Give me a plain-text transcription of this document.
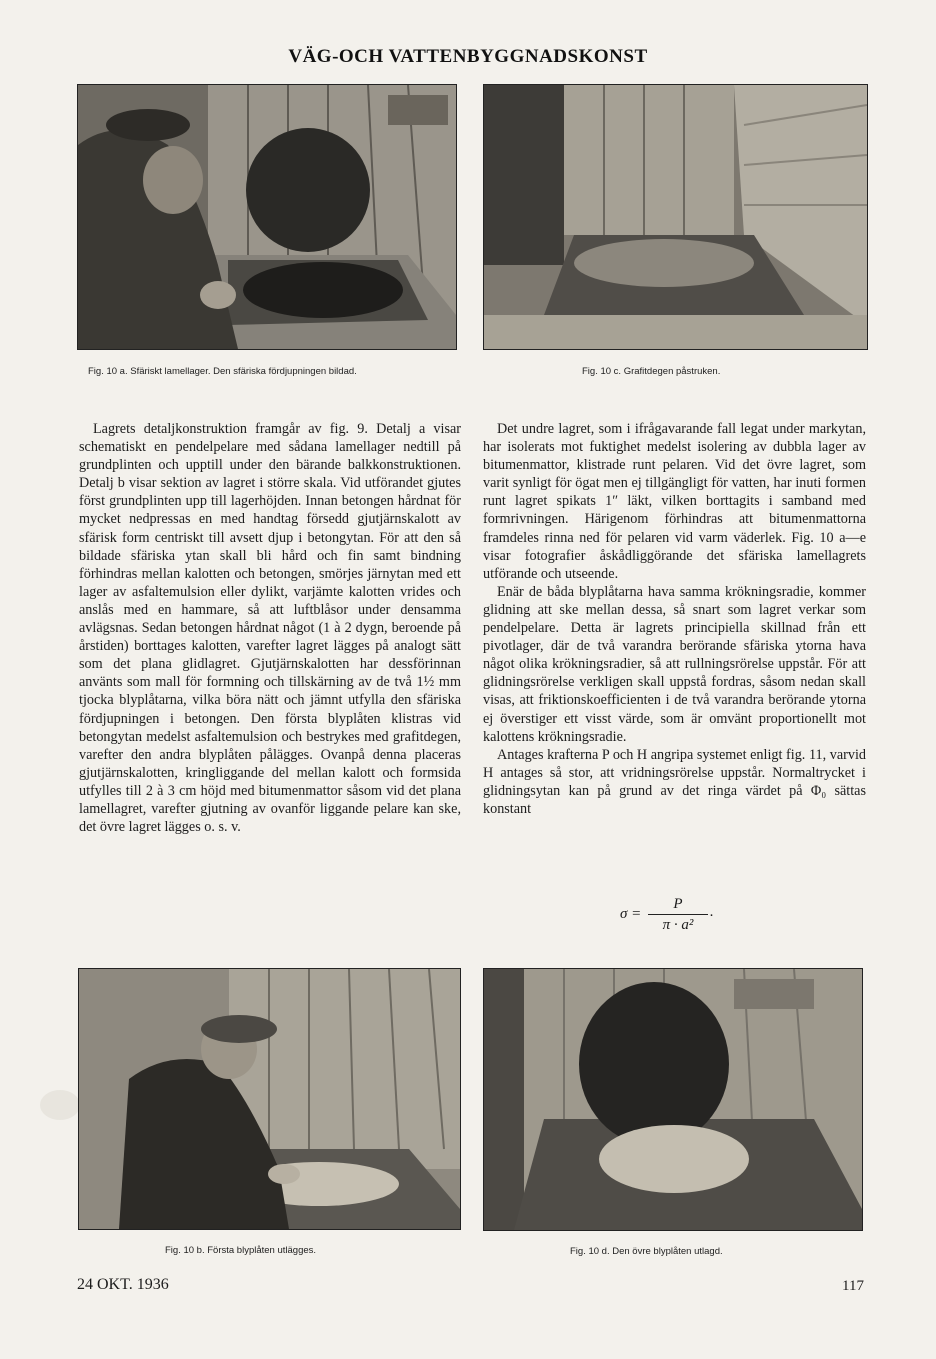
VÄG-OCH VATTENBYGGNADSKONST
Fig. 10 a. Sfäriskt lamellager. Den sfäriska fördjupningen bildad.	Fig. 10 c. Grafitdegen påstruken.

Lagrets detaljkonstruktion framgår av fig. 9. Detalj a visar schematiskt en pendelpelare med sådana lamellager nedtill på grundplinten och upptill under den bärande balkkonstruktionen. Detalj b visar sektion av lagret i större skala. Vid utförandet gjutes först grundplinten upp till lagerhöjden. Innan betongen hårdnat för mycket nedpressas en med handtag försedd gjutjärnskalott av sfärisk form centriskt till avsett djup i betongytan. För att den så bildade sfäriska ytan skall bli hård och fin samt bindning förhindras mellan kalotten och betongen, smörjes järnytan med ett lager av asfaltemulsion eller dylikt, varjämte kalotten vrides och anslås med en hammare, så att luftblåsor under densamma avlägsnas. Sedan betongen hårdnat något (1 à 2 dygn, beroende på årstiden) borttages kalotten, varefter lagret lägges på analogt sätt som det plana glidlagret. Gjutjärnskalotten har dessförinnan använts som mall för formning och tillskärning av de två 1½ mm tjocka blyplåtarna, vilka böra nätt och jämnt utfylla den sfäriska fördjupningen i betongen. Den första blyplåten klistras vid betongytan medelst asfaltemulsion och bestrykes med grafitdegen, varefter den andra blyplåten pålägges. Ovanpå denna placeras gjutjärnskalotten, kringliggande del mellan kalott och formsida utfylles till 2 à 3 cm höjd med bitumenmattor såsom vid det plana lamellagret, varefter gjutning av ovanför liggande pelare kan ske, det övre lagret lägges o. s. v.

Det undre lagret, som i ifrågavarande fall legat under markytan, har isolerats mot fuktighet medelst isolering av dubbla lager av bitumenmattor, klistrade runt pelaren. Vid det övre lagret, som varit synligt för ögat men ej tillgängligt för vatten, har inuti formen runt lagret spikats 1″ läkt, vilken borttagits i samband med formrivningen. Härigenom förhindras att bitumenmattorna framdeles rinna ned för pelaren vid varm väderlek. Fig. 10 a—e visar fotografier åskådliggörande det sfäriska lamellagrets utförande och utseende.

Enär de båda blyplåtarna hava samma krökningsradie, kommer glidning att ske mellan dessa, så snart som lagret verkar som pendelpelare. Detta är lagrets principiella skillnad från ett pivotlager, där de två varandra berörande sfäriska ytorna hava något olika krökningsradier, så att rullningsrörelse uppstår. För att glidningsrörelse verkligen skall uppstå fordras, såsom nedan skall visas, att friktionskoefficienten i de två varandra berörande ytorna ej överstiger ett visst värde, som är omvänt proportionellt mot kalottens krökningsradie.

Antages krafterna P och H angripa systemet enligt fig. 11, varvid H antages så stor, att vridningsrörelse uppstår. Normaltrycket i glidningsytan kan på grund av det ringa värdet på Φ₀ sättas konstant

$\sigma = \frac{P}{\text{π · a²}}$ .
Fig. 10 b. Första blyplåten utlägges.	Fig. 10 d. Den övre blyplåten utlagd.
24 OKT. 1936	117
